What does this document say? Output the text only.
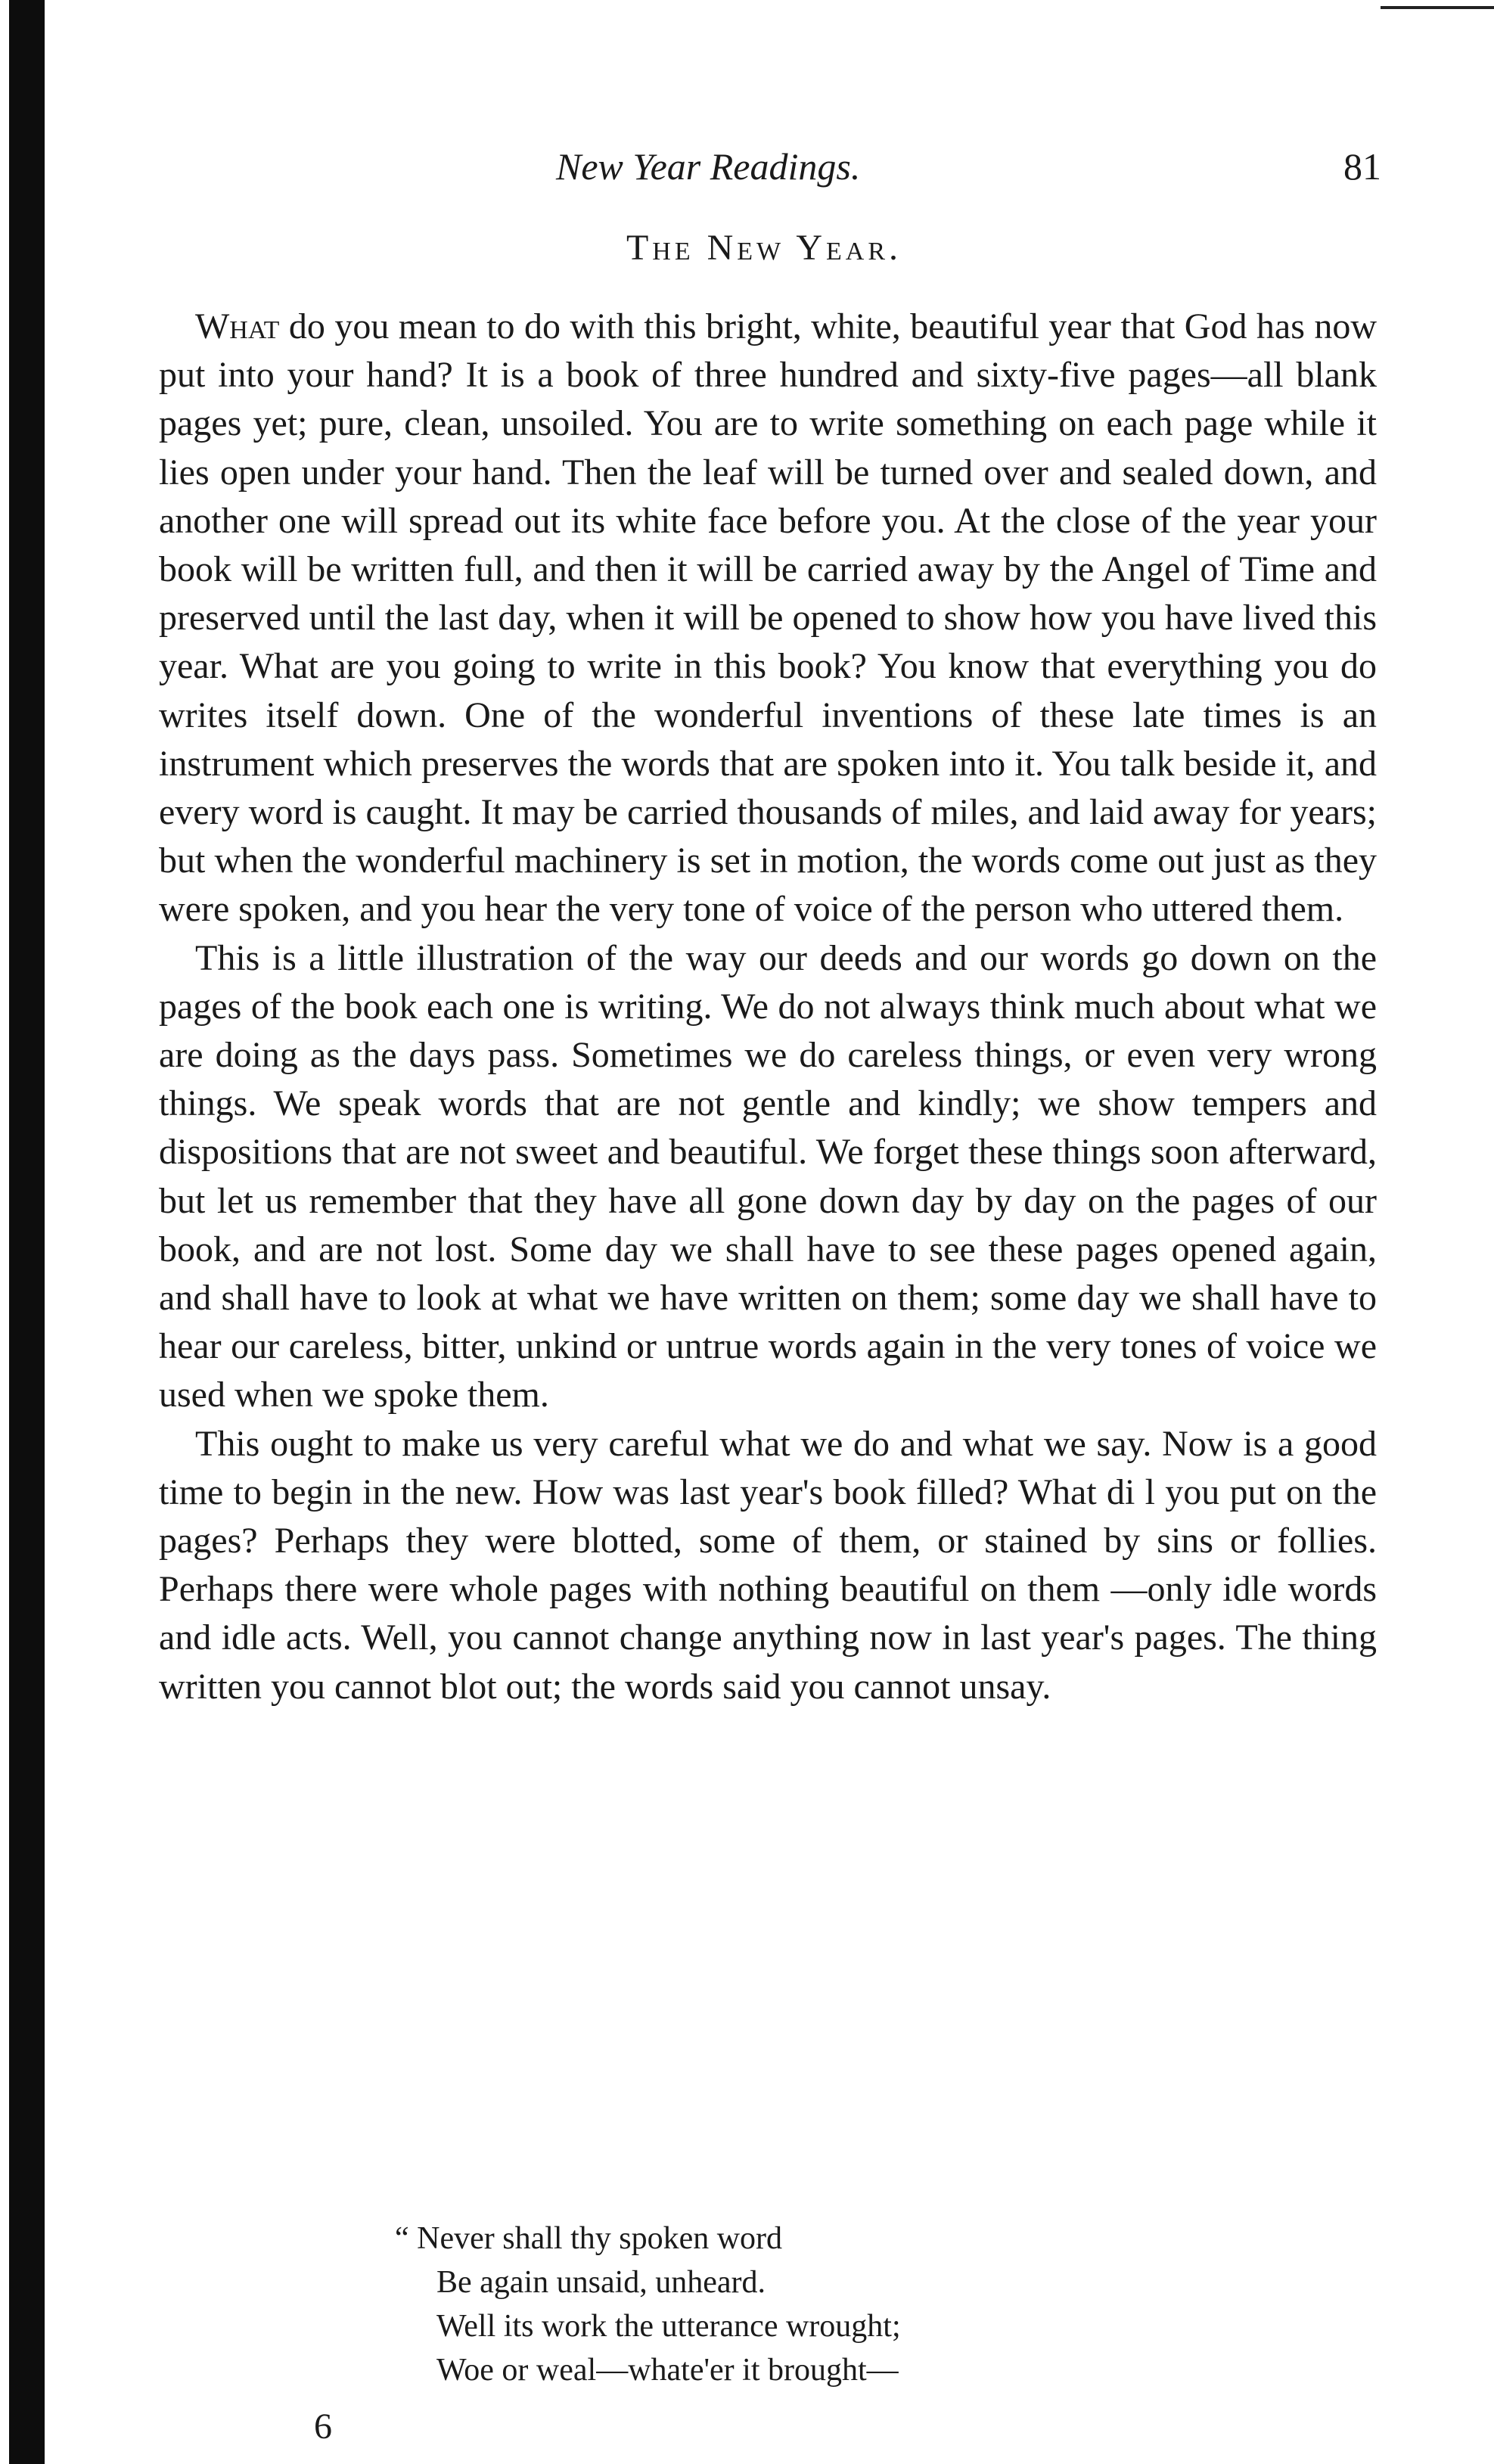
New Year Readings.	81
The New Year.

What do you mean to do with this bright, white, beautiful year that God has now put into your hand? It is a book of three hundred and sixty-five pages—all blank pages yet; pure, clean, unsoiled. You are to write something on each page while it lies open under your hand. Then the leaf will be turned over and sealed down, and another one will spread out its white face before you. At the close of the year your book will be written full, and then it will be carried away by the Angel of Time and preserved until the last day, when it will be opened to show how you have lived this year. What are you going to write in this book? You know that everything you do writes itself down. One of the wonderful inventions of these late times is an instrument which preserves the words that are spoken into it. You talk beside it, and every word is caught. It may be carried thousands of miles, and laid away for years; but when the wonderful machinery is set in motion, the words come out just as they were spoken, and you hear the very tone of voice of the person who uttered them.

This is a little illustration of the way our deeds and our words go down on the pages of the book each one is writing. We do not always think much about what we are doing as the days pass. Sometimes we do careless things, or even very wrong things. We speak words that are not gentle and kindly; we show tempers and dispositions that are not sweet and beautiful. We forget these things soon afterward, but let us remember that they have all gone down day by day on the pages of our book, and are not lost. Some day we shall have to see these pages opened again, and shall have to look at what we have written on them; some day we shall have to hear our careless, bitter, unkind or untrue words again in the very tones of voice we used when we spoke them.

This ought to make us very careful what we do and what we say. Now is a good time to begin in the new. How was last year's book filled? What di l you put on the pages? Perhaps they were blotted, some of them, or stained by sins or follies. Perhaps there were whole pages with nothing beautiful on them —only idle words and idle acts. Well, you cannot change anything now in last year's pages. The thing written you cannot blot out; the words said you cannot unsay.

“ Never shall thy spoken word
Be again unsaid, unheard.
Well its work the utterance wrought;
Woe or weal—whate'er it brought—
6
